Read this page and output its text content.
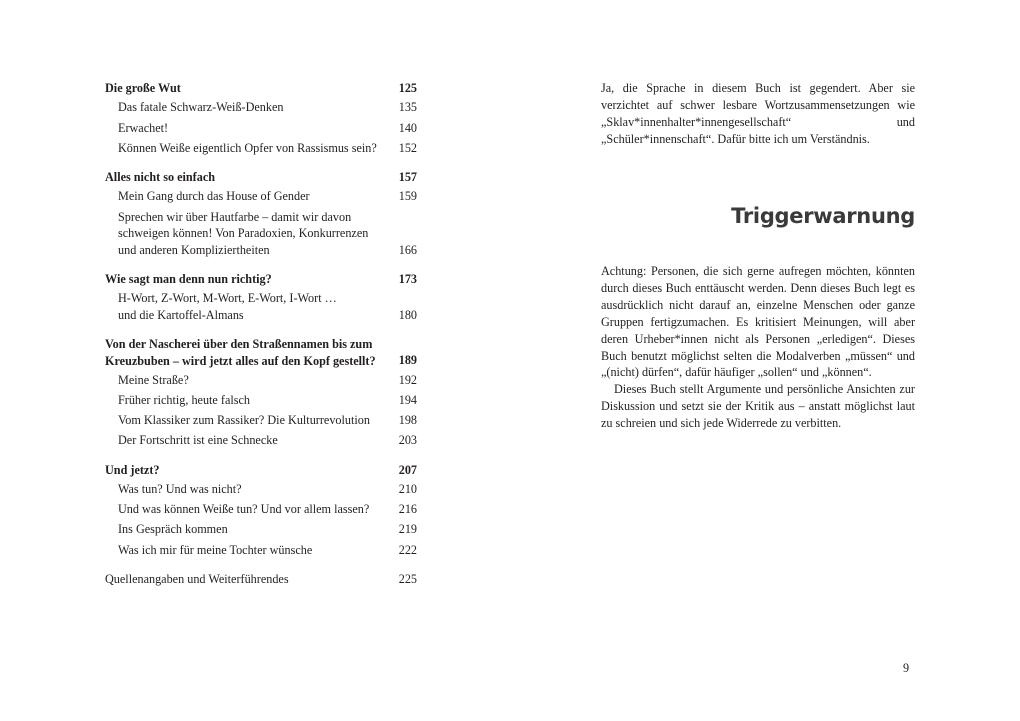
Die große Wut	125
Das fatale Schwarz-Weiß-Denken	135
Erwachet!	140
Können Weiße eigentlich Opfer von Rassismus sein?	152
Alles nicht so einfach	157
Mein Gang durch das House of Gender	159
Sprechen wir über Hautfarbe – damit wir davon schweigen können! Von Paradoxien, Konkurrenzen und anderen Kompliziertheiten	166
Wie sagt man denn nun richtig?	173
H-Wort, Z-Wort, M-Wort, E-Wort, I-Wort … und die Kartoffel-Almans	180
Von der Nascherei über den Straßennamen bis zum Kreuzbuben – wird jetzt alles auf den Kopf gestellt?	189
Meine Straße?	192
Früher richtig, heute falsch	194
Vom Klassiker zum Rassiker? Die Kulturrevolution	198
Der Fortschritt ist eine Schnecke	203
Und jetzt?	207
Was tun? Und was nicht?	210
Und was können Weiße tun? Und vor allem lassen?	216
Ins Gespräch kommen	219
Was ich mir für meine Tochter wünsche	222
Quellenangaben und Weiterführendes	225

Ja, die Sprache in diesem Buch ist gegendert. Aber sie verzichtet auf schwer lesbare Wortzusammensetzungen wie „Sklav*innenhalter*innengesellschaft“ und „Schüler*innenschaft“. Dafür bitte ich um Verständnis.

Triggerwarnung

Achtung: Personen, die sich gerne aufregen möchten, könnten durch dieses Buch enttäuscht werden. Denn dieses Buch legt es ausdrücklich nicht darauf an, einzelne Menschen oder ganze Gruppen fertigzumachen. Es kritisiert Meinungen, will aber deren Urheber*innen nicht als Personen „erledigen“. Dieses Buch benutzt möglichst selten die Modalverben „müssen“ und „(nicht) dürfen“, dafür häufiger „sollen“ und „können“.

Dieses Buch stellt Argumente und persönliche Ansichten zur Diskussion und setzt sie der Kritik aus – anstatt möglichst laut zu schreien und sich jede Widerrede zu verbitten.

9
